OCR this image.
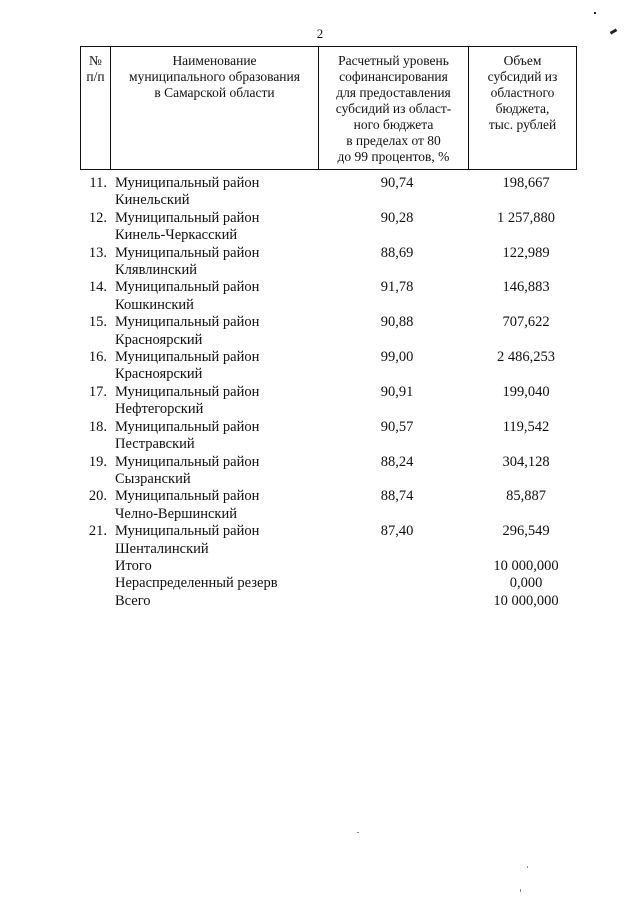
2
№
п/п

Наименование
муниципального образования
в Самарской области

Расчетный уровень
софинансирования
для предоставления
субсидий из област-
ного бюджета
в пределах от 80
до 99 процентов, %

Объем
субсидий из
областного
бюджета,
тыс. рублей
11. Муниципальный район
Кинельский
90,74	198,667
12. Муниципальный район
Кинель-Черкасский
90,28	1 257,880
13. Муниципальный район
Клявлинский
88,69	122,989
14. Муниципальный район
Кошкинский
91,78	146,883
15. Муниципальный район
Красноярский
90,88	707,622
16. Муниципальный район
Красноярский
99,00	2 486,253
17. Муниципальный район
Нефтегорский
90,91	199,040
18. Муниципальный район
Пестравский
90,57	119,542
19. Муниципальный район
Сызранский
88,24	304,128
20. Муниципальный район
Челно-Вершинский
88,74	85,887
21. Муниципальный район
Шенталинский
87,40	296,549
Итого	10 000,000
Нераспределенный резерв	0,000
Всего	10 000,000
